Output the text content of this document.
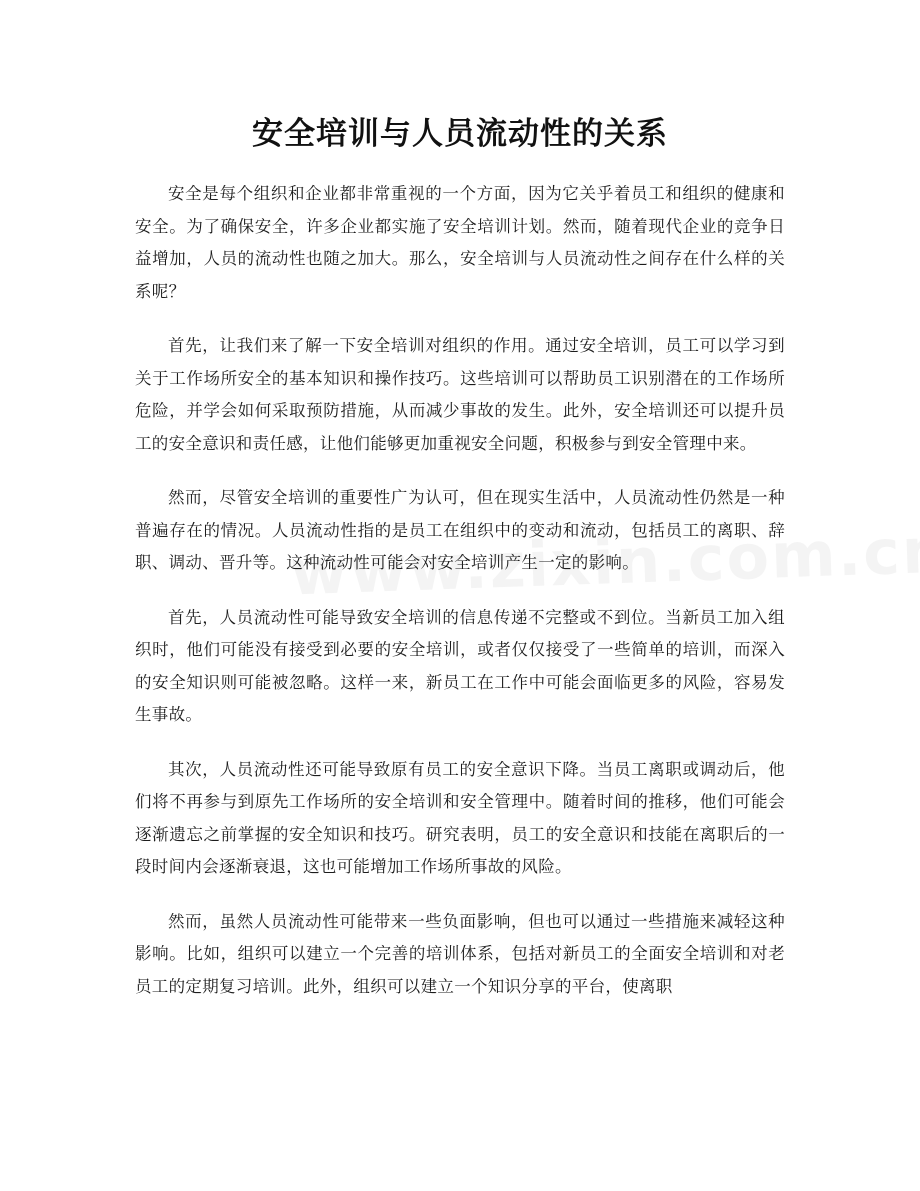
安全培训与人员流动性的关系

安全是每个组织和企业都非常重视的一个方面，因为它关乎着员工和组织的健康和安全。为了确保安全，许多企业都实施了安全培训计划。然而，随着现代企业的竞争日益增加，人员的流动性也随之加大。那么，安全培训与人员流动性之间存在什么样的关系呢？

首先，让我们来了解一下安全培训对组织的作用。通过安全培训，员工可以学习到关于工作场所安全的基本知识和操作技巧。这些培训可以帮助员工识别潜在的工作场所危险，并学会如何采取预防措施，从而减少事故的发生。此外，安全培训还可以提升员工的安全意识和责任感，让他们能够更加重视安全问题，积极参与到安全管理中来。

然而，尽管安全培训的重要性广为认可，但在现实生活中，人员流动性仍然是一种普遍存在的情况。人员流动性指的是员工在组织中的变动和流动，包括员工的离职、辞职、调动、晋升等。这种流动性可能会对安全培训产生一定的影响。

首先，人员流动性可能导致安全培训的信息传递不完整或不到位。当新员工加入组织时，他们可能没有接受到必要的安全培训，或者仅仅接受了一些简单的培训，而深入的安全知识则可能被忽略。这样一来，新员工在工作中可能会面临更多的风险，容易发生事故。

其次，人员流动性还可能导致原有员工的安全意识下降。当员工离职或调动后，他们将不再参与到原先工作场所的安全培训和安全管理中。随着时间的推移，他们可能会逐渐遗忘之前掌握的安全知识和技巧。研究表明，员工的安全意识和技能在离职后的一段时间内会逐渐衰退，这也可能增加工作场所事故的风险。

然而，虽然人员流动性可能带来一些负面影响，但也可以通过一些措施来减轻这种影响。比如，组织可以建立一个完善的培训体系，包括对新员工的全面安全培训和对老员工的定期复习培训。此外，组织可以建立一个知识分享的平台，使离职
